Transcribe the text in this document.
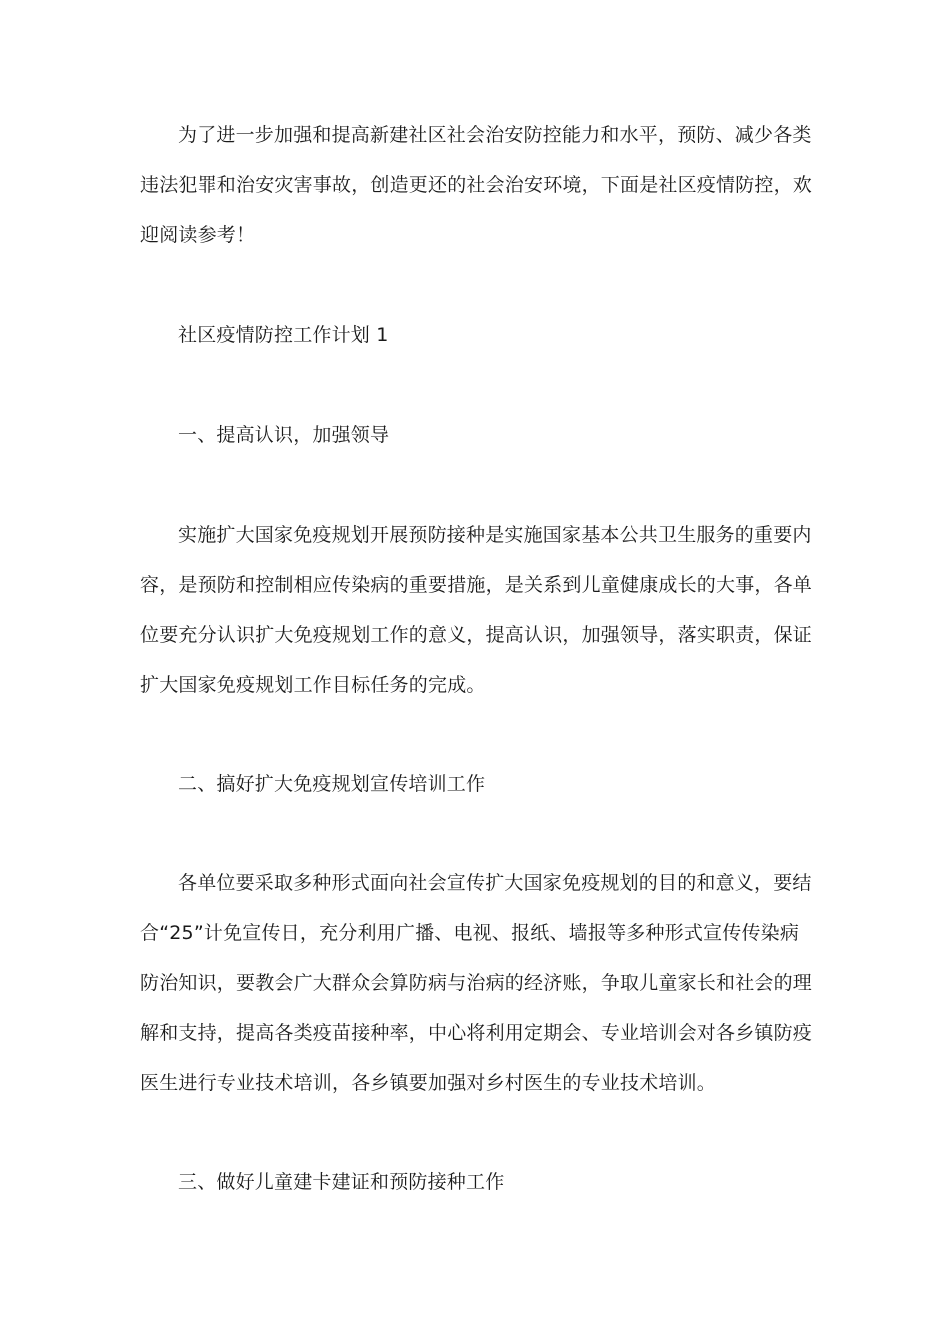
为了进一步加强和提高新建社区社会治安防控能力和水平，预防、减少各类
违法犯罪和治安灾害事故，创造更还的社会治安环境，下面是社区疫情防控，欢
迎阅读参考！
社区疫情防控工作计划 1
一、提高认识，加强领导
实施扩大国家免疫规划开展预防接种是实施国家基本公共卫生服务的重要内
容，是预防和控制相应传染病的重要措施，是关系到儿童健康成长的大事，各单
位要充分认识扩大免疫规划工作的意义，提高认识，加强领导，落实职责，保证
扩大国家免疫规划工作目标任务的完成。
二、搞好扩大免疫规划宣传培训工作
各单位要采取多种形式面向社会宣传扩大国家免疫规划的目的和意义，要结
合“25”计免宣传日，充分利用广播、电视、报纸、墙报等多种形式宣传传染病
防治知识，要教会广大群众会算防病与治病的经济账，争取儿童家长和社会的理
解和支持，提高各类疫苗接种率，中心将利用定期会、专业培训会对各乡镇防疫
医生进行专业技术培训，各乡镇要加强对乡村医生的专业技术培训。
三、做好儿童建卡建证和预防接种工作
